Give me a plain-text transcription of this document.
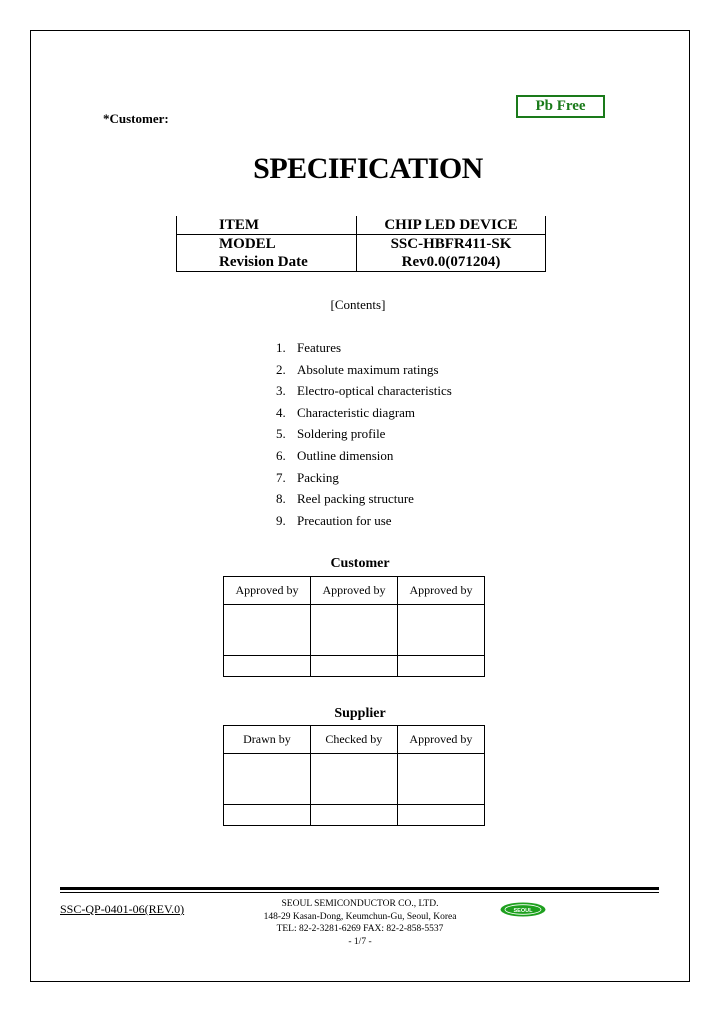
*Customer:
Pb Free
SPECIFICATION
ITEM	CHIP LED DEVICE
MODEL	SSC-HBFR411-SK
Revision Date	Rev0.0(071204)
[Contents]
1. Features
2. Absolute maximum ratings
3. Electro-optical characteristics
4. Characteristic diagram
5. Soldering profile
6. Outline dimension
7. Packing
8. Reel packing structure
9. Precaution for use
Customer
Approved by	Approved by	Approved by

Supplier
Drawn by	Checked by	Approved by

SSC-QP-0401-06(REV.0)	SEOUL SEMICONDUCTOR CO., LTD.
148-29 Kasan-Dong, Keumchun-Gu, Seoul, Korea
TEL: 82-2-3281-6269 FAX: 82-2-858-5537
- 1/7 -
SEOUL
